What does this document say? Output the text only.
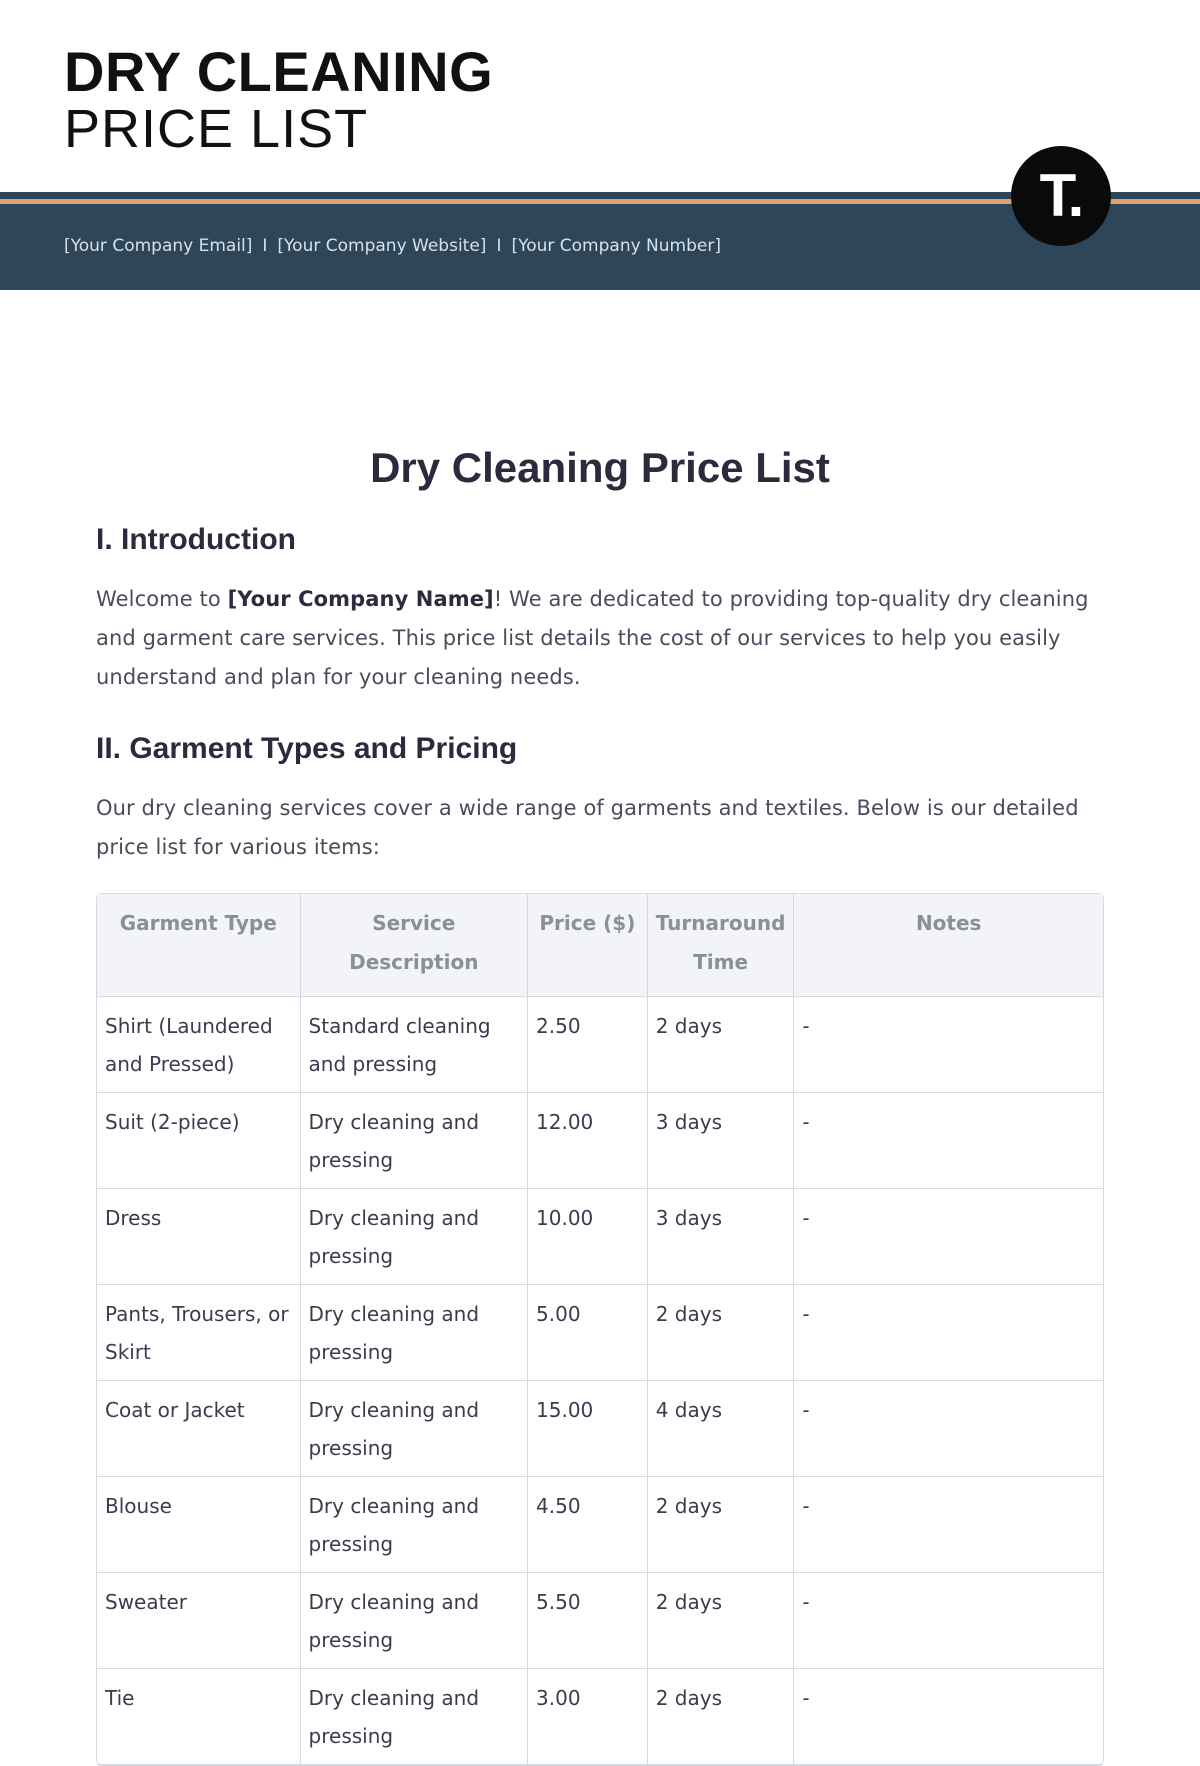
DRY CLEANING
PRICE LIST
[Your Company Email] I [Your Company Website] I [Your Company Number]
T.
Dry Cleaning Price List
I. Introduction

Welcome to [Your Company Name]! We are dedicated to providing top-quality dry cleaning and garment care services. This price list details the cost of our services to help you easily understand and plan for your cleaning needs.

II. Garment Types and Pricing

Our dry cleaning services cover a wide range of garments and textiles. Below is our detailed price list for various items:

Garment Type	Service Description	Price ($)	Turnaround Time	Notes
Shirt (Laundered and Pressed)	Standard cleaning and pressing	2.50	2 days	-
Suit (2-piece)	Dry cleaning and pressing	12.00	3 days	-
Dress	Dry cleaning and pressing	10.00	3 days	-
Pants, Trousers, or Skirt	Dry cleaning and pressing	5.00	2 days	-
Coat or Jacket	Dry cleaning and pressing	15.00	4 days	-
Blouse	Dry cleaning and pressing	4.50	2 days	-
Sweater	Dry cleaning and pressing	5.50	2 days	-
Tie	Dry cleaning and pressing	3.00	2 days	-
